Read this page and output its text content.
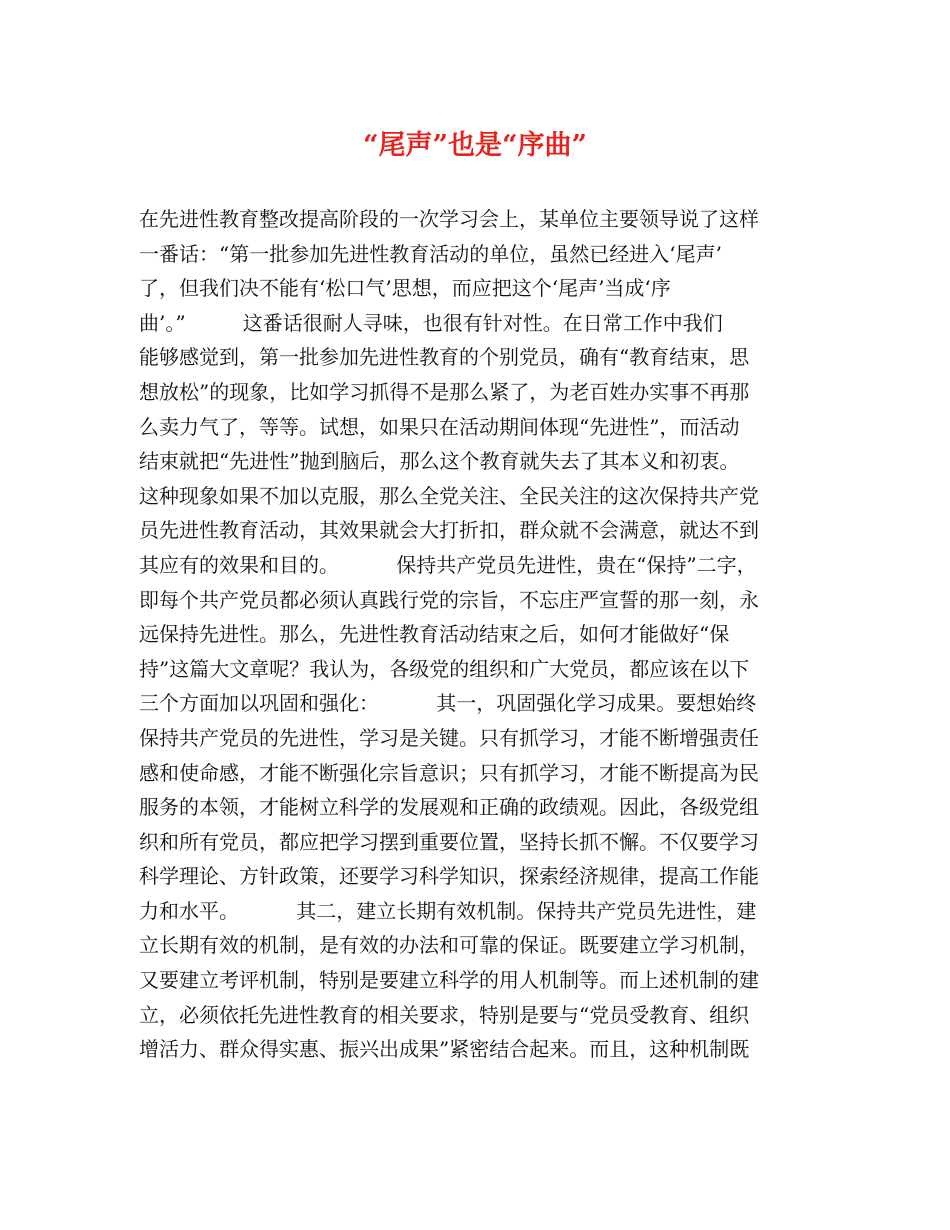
“尾声”也是“序曲”
在先进性教育整改提高阶段的一次学习会上，某单位主要领导说了这样
一番话：“第一批参加先进性教育活动的单位，虽然已经进入‘尾声’
了，但我们决不能有‘松口气’思想，而应把这个‘尾声’当成‘序
曲’。”         这番话很耐人寻味，也很有针对性。在日常工作中我们
能够感觉到，第一批参加先进性教育的个别党员，确有“教育结束，思
想放松”的现象，比如学习抓得不是那么紧了，为老百姓办实事不再那
么卖力气了，等等。试想，如果只在活动期间体现“先进性”，而活动
结束就把“先进性”抛到脑后，那么这个教育就失去了其本义和初衷。
这种现象如果不加以克服，那么全党关注、全民关注的这次保持共产党
员先进性教育活动，其效果就会大打折扣，群众就不会满意，就达不到
其应有的效果和目的。         保持共产党员先进性，贵在“保持”二字，
即每个共产党员都必须认真践行党的宗旨，不忘庄严宣誓的那一刻，永
远保持先进性。那么，先进性教育活动结束之后，如何才能做好“保
持”这篇大文章呢？我认为，各级党的组织和广大党员，都应该在以下
三个方面加以巩固和强化：         其一，巩固强化学习成果。要想始终
保持共产党员的先进性，学习是关键。只有抓学习，才能不断增强责任
感和使命感，才能不断强化宗旨意识；只有抓学习，才能不断提高为民
服务的本领，才能树立科学的发展观和正确的政绩观。因此，各级党组
织和所有党员，都应把学习摆到重要位置，坚持长抓不懈。不仅要学习
科学理论、方针政策，还要学习科学知识，探索经济规律，提高工作能
力和水平。         其二，建立长期有效机制。保持共产党员先进性，建
立长期有效的机制，是有效的办法和可靠的保证。既要建立学习机制，
又要建立考评机制，特别是要建立科学的用人机制等。而上述机制的建
立，必须依托先进性教育的相关要求，特别是要与“党员受教育、组织
增活力、群众得实惠、振兴出成果”紧密结合起来。而且，这种机制既
